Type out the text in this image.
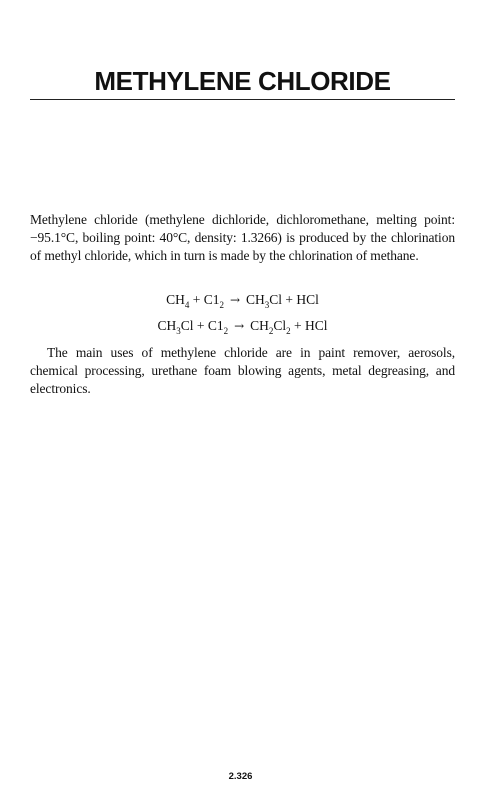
METHYLENE CHLORIDE

Methylene chloride (methylene dichloride, dichloromethane, melting point: −95.1°C, boiling point: 40°C, density: 1.3266) is produced by the chlorination of methyl chloride, which in turn is made by the chlorination of methane.

$CH_4 + C1_2 \to CH_3Cl$ + HCl
$CH_3Cl + C1_2 \to CH_2Cl_2$ + HCl

The main uses of methylene chloride are in paint remover, aerosols, chemical processing, urethane foam blowing agents, metal degreasing, and electronics.

2.326
